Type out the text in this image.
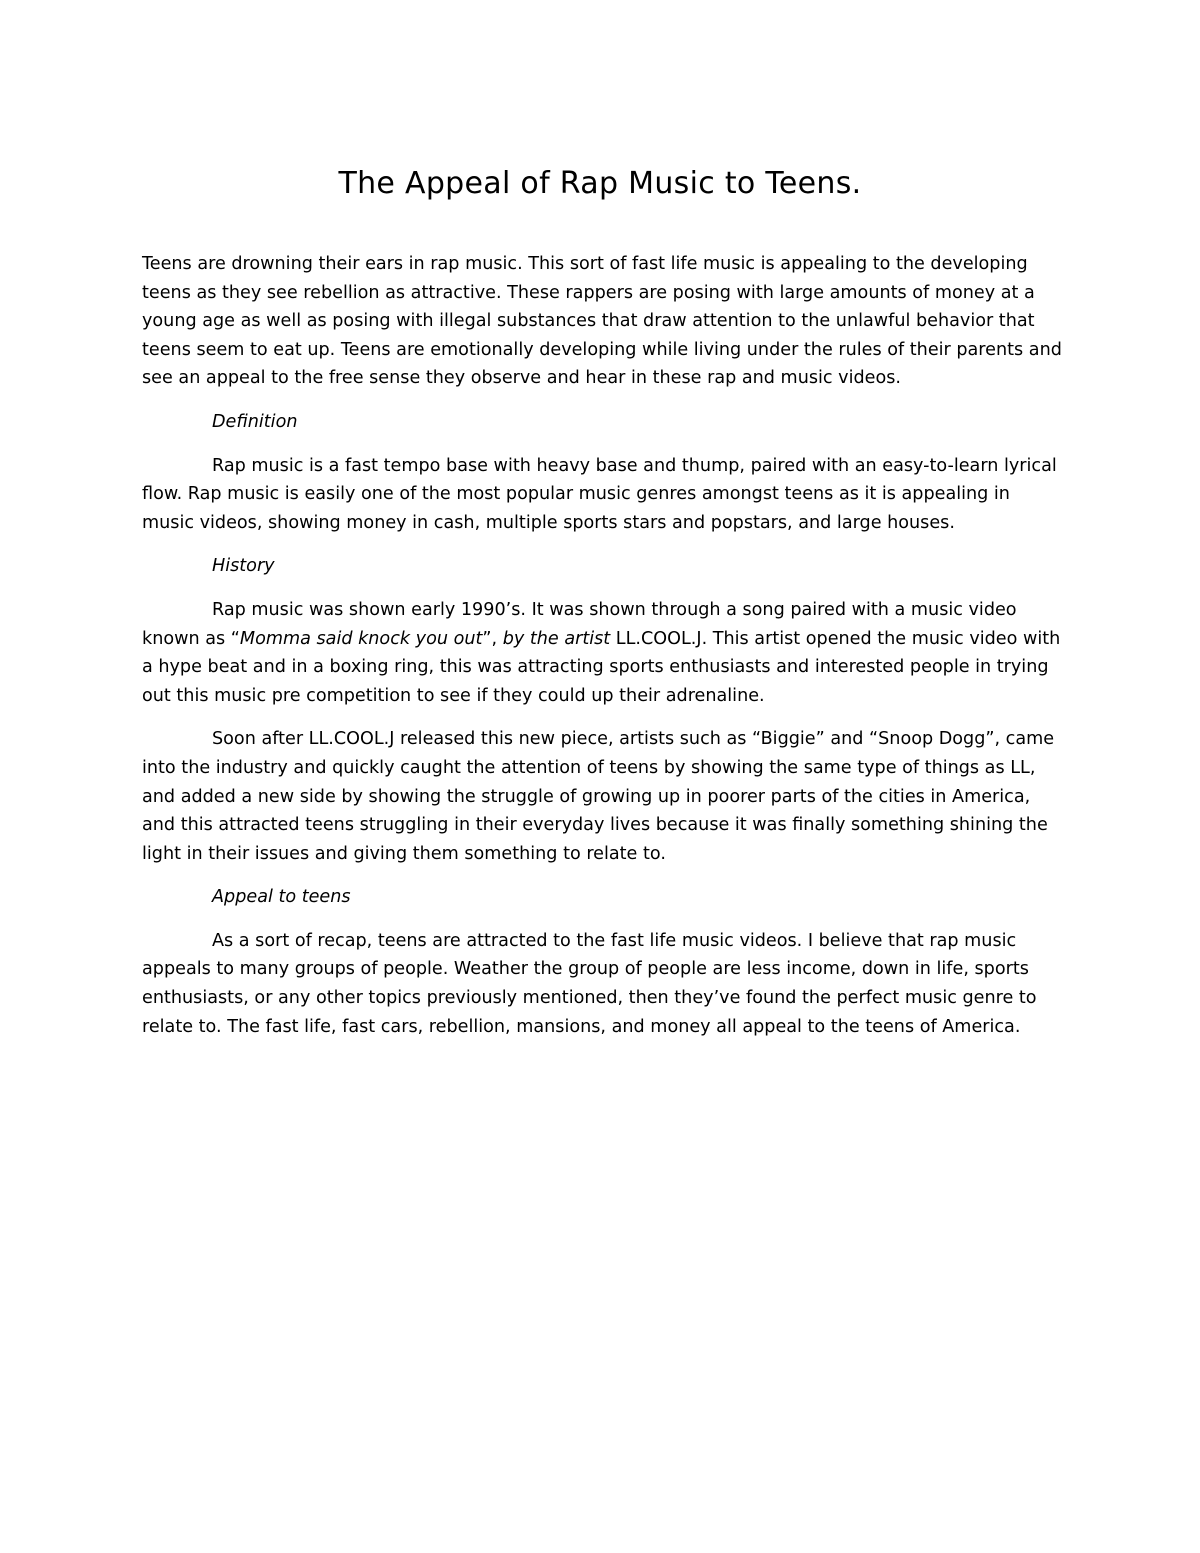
The Appeal of Rap Music to Teens.

Teens are drowning their ears in rap music. This sort of fast life music is appealing to the developing teens as they see rebellion as attractive. These rappers are posing with large amounts of money at a young age as well as posing with illegal substances that draw attention to the unlawful behavior that teens seem to eat up. Teens are emotionally developing while living under the rules of their parents and see an appeal to the free sense they observe and hear in these rap and music videos.

Definition

Rap music is a fast tempo base with heavy base and thump, paired with an easy-to-learn lyrical flow. Rap music is easily one of the most popular music genres amongst teens as it is appealing in music videos, showing money in cash, multiple sports stars and popstars, and large houses.

History

Rap music was shown early 1990’s. It was shown through a song paired with a music video known as “Momma said knock you out”, by the artist LL.COOL.J. This artist opened the music video with a hype beat and in a boxing ring, this was attracting sports enthusiasts and interested people in trying out this music pre competition to see if they could up their adrenaline.

Soon after LL.COOL.J released this new piece, artists such as “Biggie” and “Snoop Dogg”, came into the industry and quickly caught the attention of teens by showing the same type of things as LL, and added a new side by showing the struggle of growing up in poorer parts of the cities in America, and this attracted teens struggling in their everyday lives because it was finally something shining the light in their issues and giving them something to relate to.

Appeal to teens

As a sort of recap, teens are attracted to the fast life music videos. I believe that rap music appeals to many groups of people. Weather the group of people are less income, down in life, sports enthusiasts, or any other topics previously mentioned, then they’ve found the perfect music genre to relate to. The fast life, fast cars, rebellion, mansions, and money all appeal to the teens of America.
